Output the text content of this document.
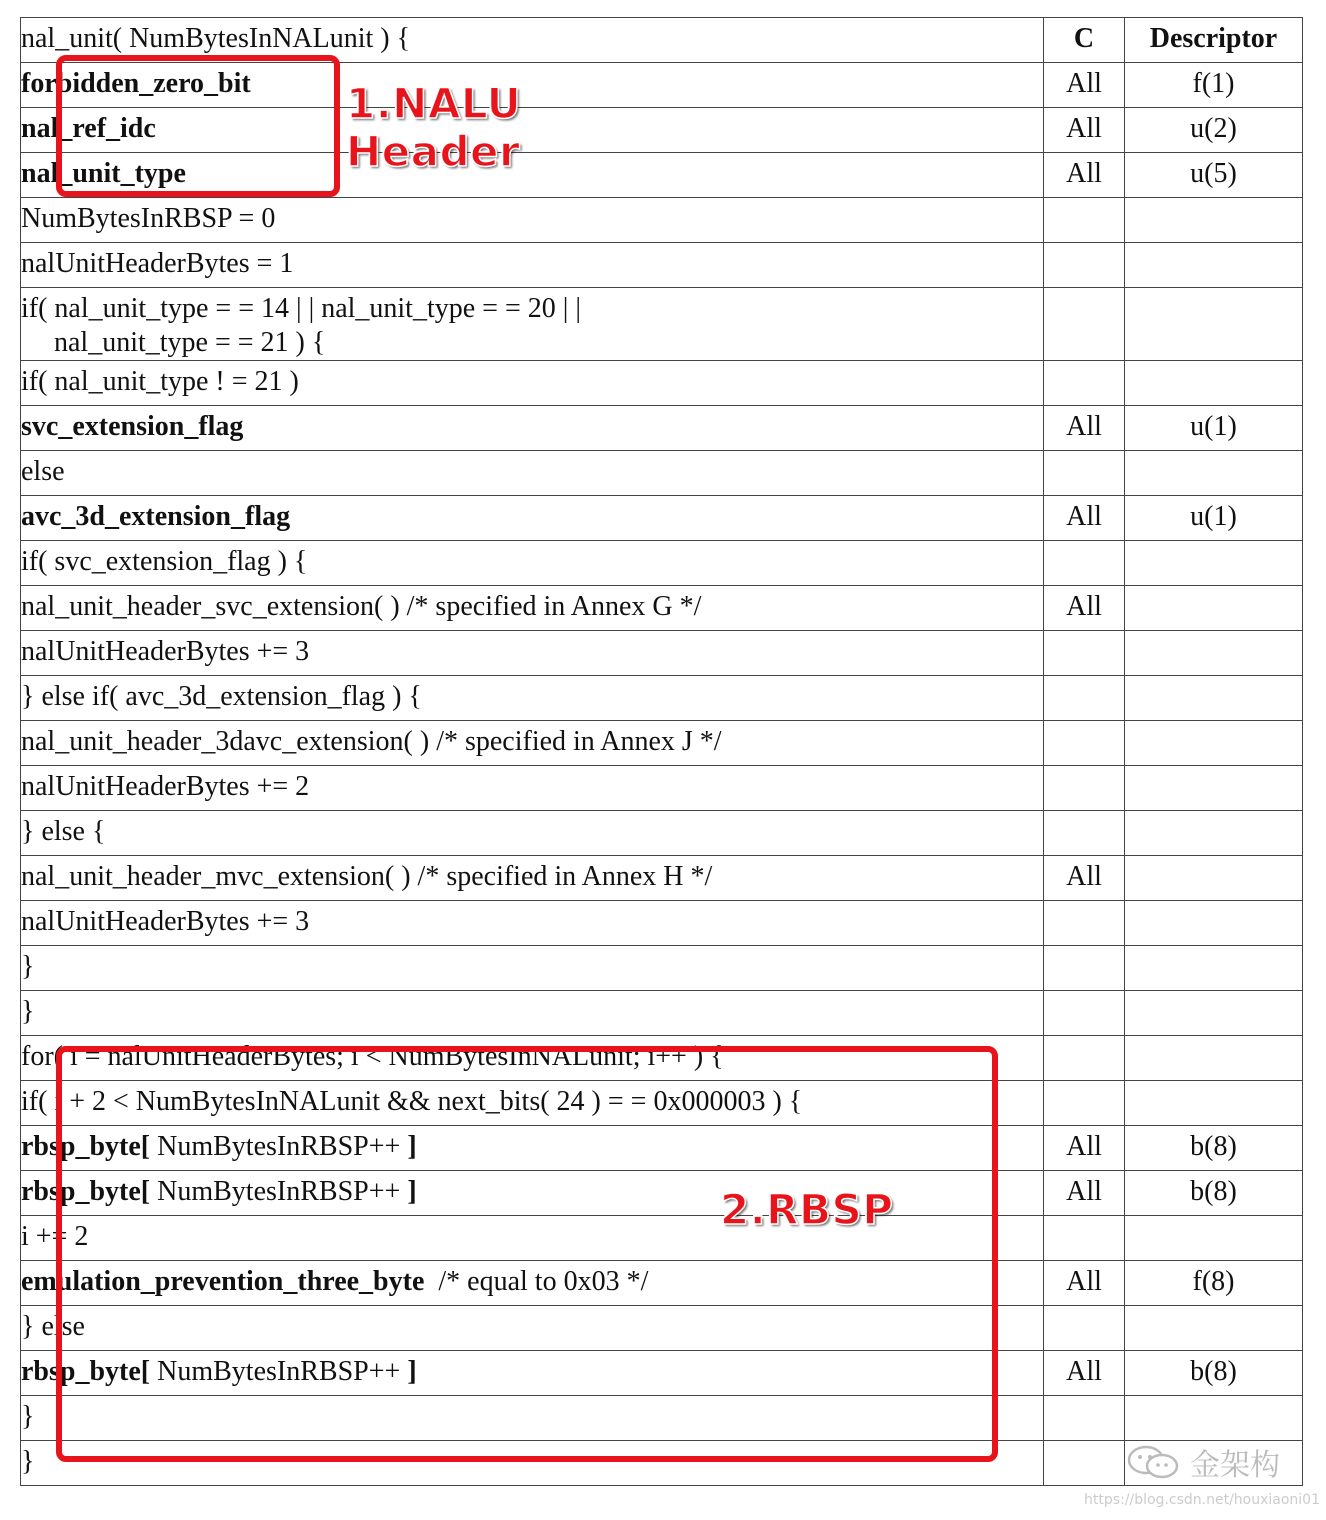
nal_unit( NumBytesInNALunit ) {	C	Descriptor
forbidden_zero_bit	All	f(1)
nal_ref_idc	All	u(2)
nal_unit_type	All	u(5)
NumBytesInRBSP = 0		
nalUnitHeaderBytes = 1		
if( nal_unit_type = = 14 | | nal_unit_type = = 20 | |
nal_unit_type = = 21 ) {		

if( nal_unit_type ! = 21 )		
svc_extension_flag	All	u(1)
else		
avc_3d_extension_flag	All	u(1)
if( svc_extension_flag ) {		
nal_unit_header_svc_extension( ) /* specified in Annex G */	All	
nalUnitHeaderBytes += 3		
} else if( avc_3d_extension_flag ) {		
nal_unit_header_3davc_extension( ) /* specified in Annex J */		
nalUnitHeaderBytes += 2		
} else {		
nal_unit_header_mvc_extension( ) /* specified in Annex H */	All	
nalUnitHeaderBytes += 3		
}		
}		
for( i = nalUnitHeaderBytes; i < NumBytesInNALunit; i++ ) {		
if( i + 2 < NumBytesInNALunit && next_bits( 24 ) = = 0x000003 ) {		
rbsp_byte[ NumBytesInRBSP++ ]	All	b(8)
rbsp_byte[ NumBytesInRBSP++ ]	All	b(8)
i += 2		
emulation_prevention_three_byte  /* equal to 0x03 */	All	f(8)
} else		
rbsp_byte[ NumBytesInRBSP++ ]	All	b(8)
}		
}		
1.NALU
Header
2.RBSP
金架构
https://blog.csdn.net/houxiaoni01
